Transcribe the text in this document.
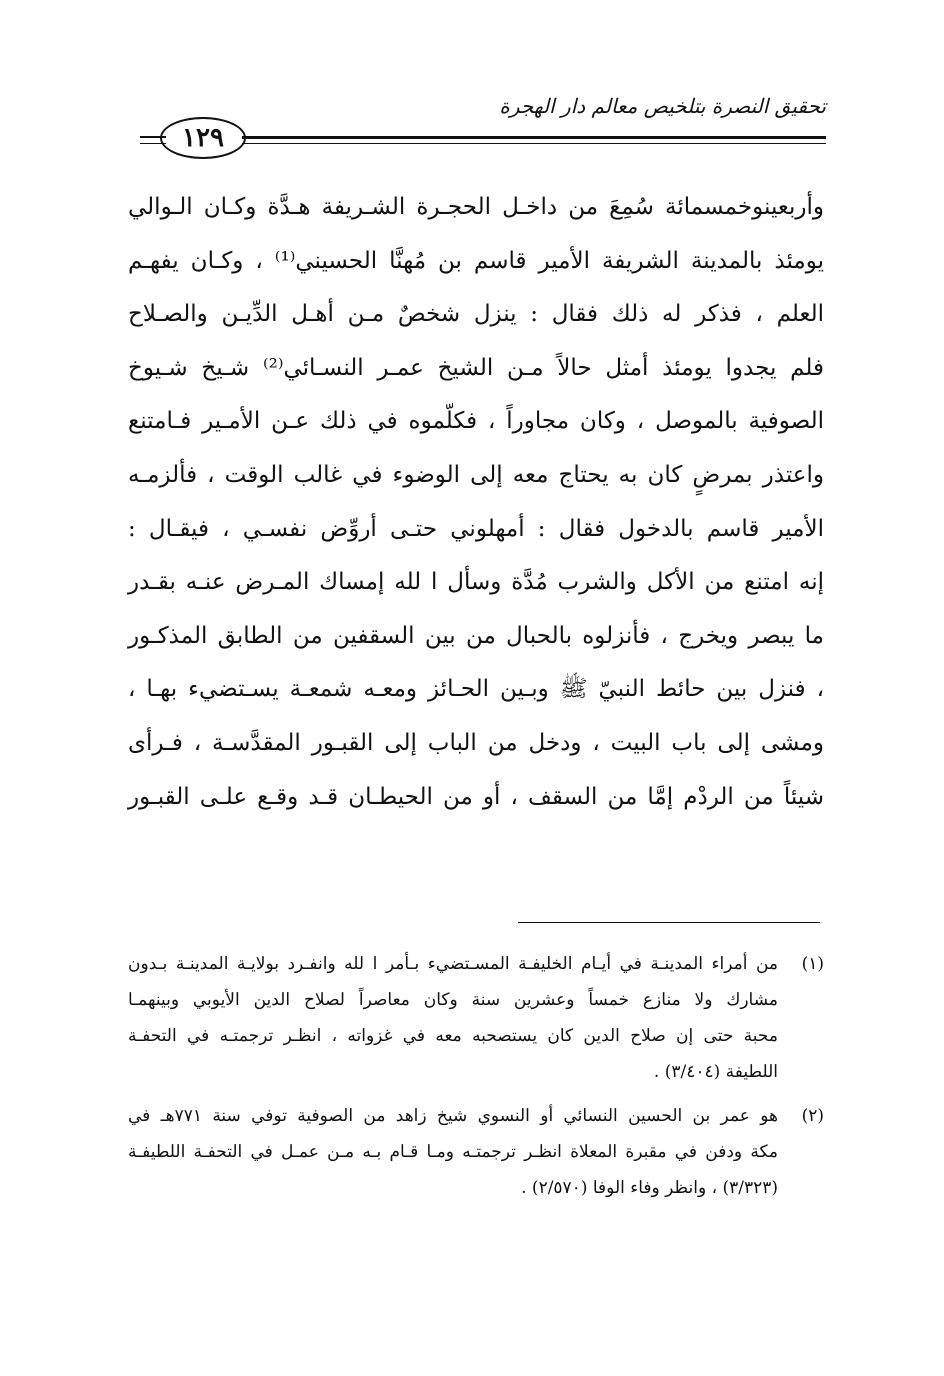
تحقيق النصرة بتلخيص معالم دار الهجرة
١٢٩
وأربعينوخمسمائة سُمِعَ من داخـل الحجـرة الشـريفة هـدَّة وكـان الـوالي
يومئذ بالمدينة الشريفة الأمير قاسم بن مُهنَّا الحسيني⁽¹⁾ ، وكـان يفهـم
العلم ، فذكر له ذلك فقال : ينزل شخصٌ مـن أهـل الدِّيـن والصـلاح
فلم يجدوا يومئذ أمثل حالاً مـن الشيخ عمـر النسـائي⁽²⁾ شـيخ شـيوخ
الصوفية بالموصل ، وكان مجاوراً ، فكلّموه في ذلك عـن الأمـير فـامتنع
واعتذر بمرضٍ كان به يحتاج معه إلى الوضوء في غالب الوقت ، فألزمـه
الأمير قاسم بالدخول فقال : أمهلوني حتـى أروِّض نفسـي ، فيقـال :
إنه امتنع من الأكل والشرب مُدَّة وسأل ا لله إمساك المـرض عنـه بقـدر
ما يبصر ويخرج ، فأنزلوه بالحبال من بين السقفين من الطابق المذكـور
، فنزل بين حائط النبيّ ﷺ وبـين الحـائز ومعـه شمعـة يسـتضيء بهـا ،
ومشى إلى باب البيت ، ودخل من الباب إلى القبـور المقدَّسـة ، فـرأى
شيئاً من الردْم إمَّا من السقف ، أو من الحيطـان قـد وقـع علـى القبـور
(١)
من أمراء المدينـة في أيـام الخليفـة المسـتضيء بـأمر ا لله وانفـرد بولايـة المدينـة بـدون
مشارك ولا منازع خمساً وعشرين سنة وكان معاصراً لصلاح الدين الأيوبي وبينهمـا
محبة حتى إن صلاح الدين كان يستصحبه معه في غزواته ، انظـر ترجمتـه في التحفـة
اللطيفة (٣/٤٠٤) .
(٢)
هو عمر بن الحسين النسائي أو النسوي شيخ زاهد من الصوفية توفي سنة ٧٧١هـ في
مكة ودفن في مقبرة المعلاة انظـر ترجمتـه ومـا قـام بـه مـن عمـل في التحفـة اللطيفـة
(٣/٣٢٣) ، وانظر وفاء الوفا (٢/٥٧٠) .
